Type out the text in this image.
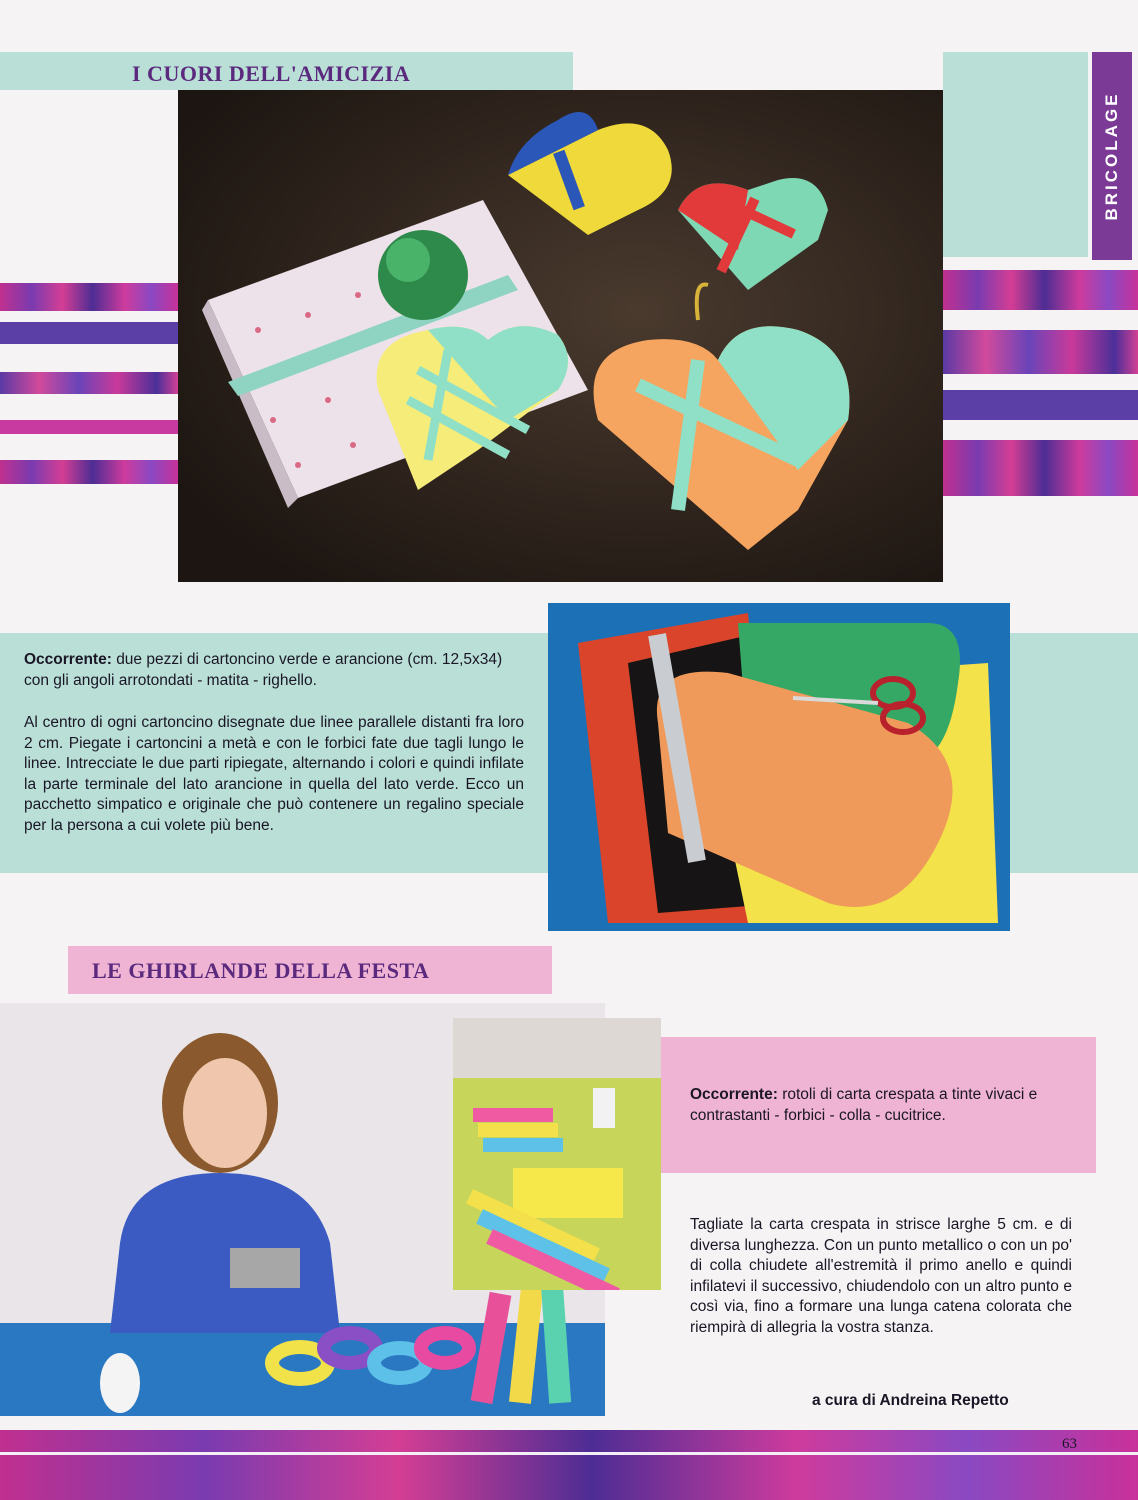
BRICOLAGE
I CUORI DELL'AMICIZIA
Occorrente: due pezzi di cartoncino verde e arancione (cm. 12,5x34) con gli angoli arrotondati - matita - righello.
Al centro di ogni cartoncino disegnate due linee parallele distanti fra loro 2 cm. Piegate i cartoncini a metà e con le forbici fate due tagli lungo le linee. Intrecciate le due parti ripiegate, alternando i colori e quindi infilate la parte terminale del lato arancione in quella del lato verde. Ecco un pacchetto simpatico e originale che può contenere un regalino speciale per la persona a cui volete più bene.
LE GHIRLANDE DELLA FESTA
Occorrente: rotoli di carta crespata a tinte vivaci e contrastanti - forbici - colla - cucitrice.
Tagliate la carta crespata in strisce larghe 5 cm. e di diversa lunghezza. Con un punto metallico o con un po' di colla chiudete all'estremità il primo anello e quindi infilatevi il successivo, chiudendolo con un altro punto e così via, fino a formare una lunga catena colorata che riempirà di allegria la vostra stanza.
a cura di Andreina Repetto
63
